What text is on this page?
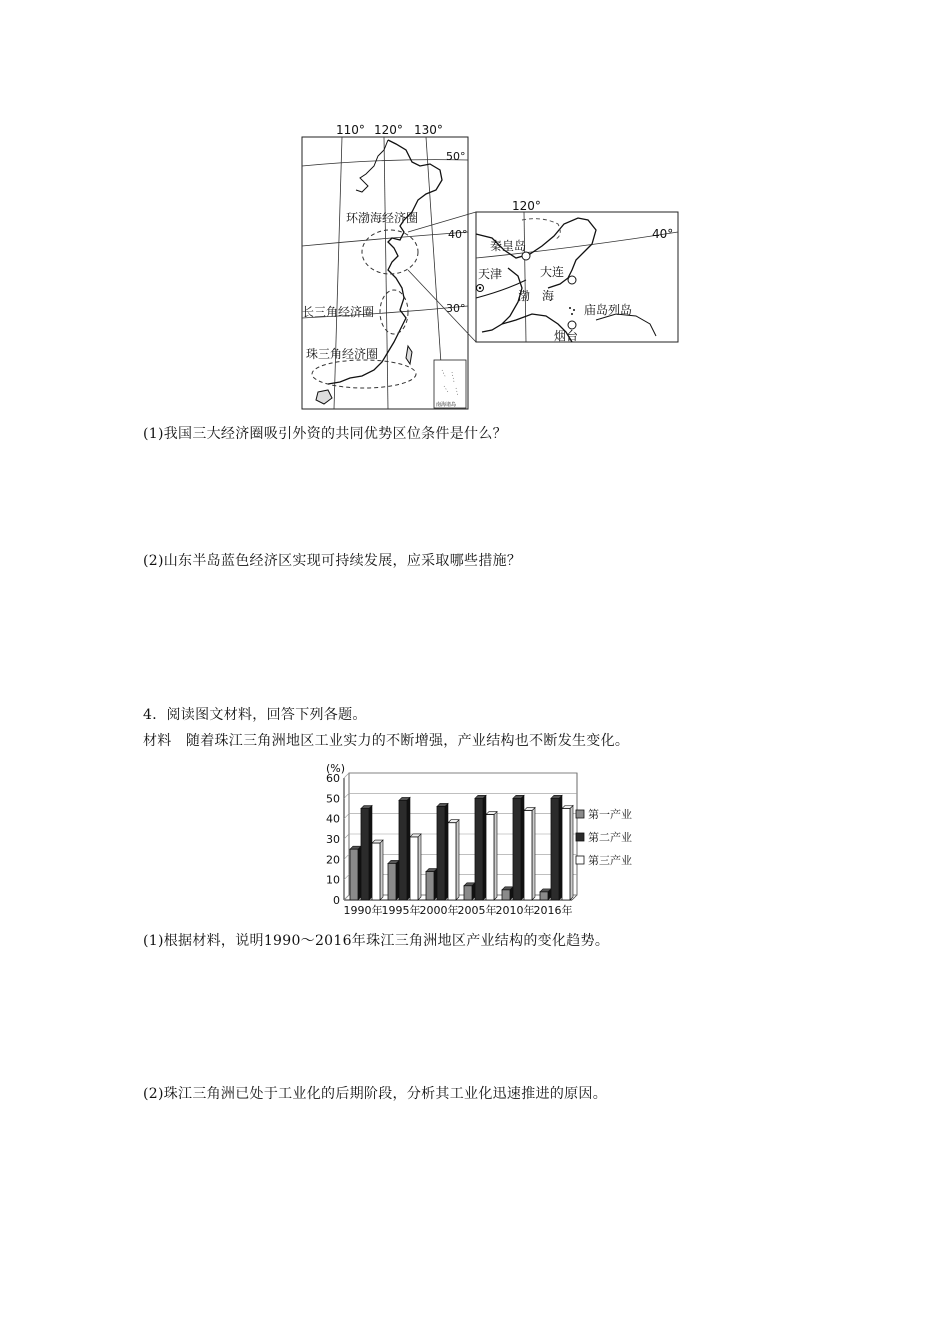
110° 120° 130°
50°
40°
30°
环渤海经济圈
长三角经济圈
珠三角经济圈
南海诸岛
120°
40°
秦皇岛
天津	大连
渤 海
庙岛列岛
烟台
(1)我国三大经济圈吸引外资的共同优势区位条件是什么？
(2)山东半岛蓝色经济区实现可持续发展，应采取哪些措施？
4．阅读图文材料，回答下列各题。
材料　随着珠江三角洲地区工业实力的不断增强，产业结构也不断发生变化。
(%)
0
10
20
30
40
50
60
1990年 1995年 2000年 2005年 2010年 2016年
第一产业
第二产业
第三产业
(1)根据材料，说明1990～2016年珠江三角洲地区产业结构的变化趋势。
(2)珠江三角洲已处于工业化的后期阶段，分析其工业化迅速推进的原因。
